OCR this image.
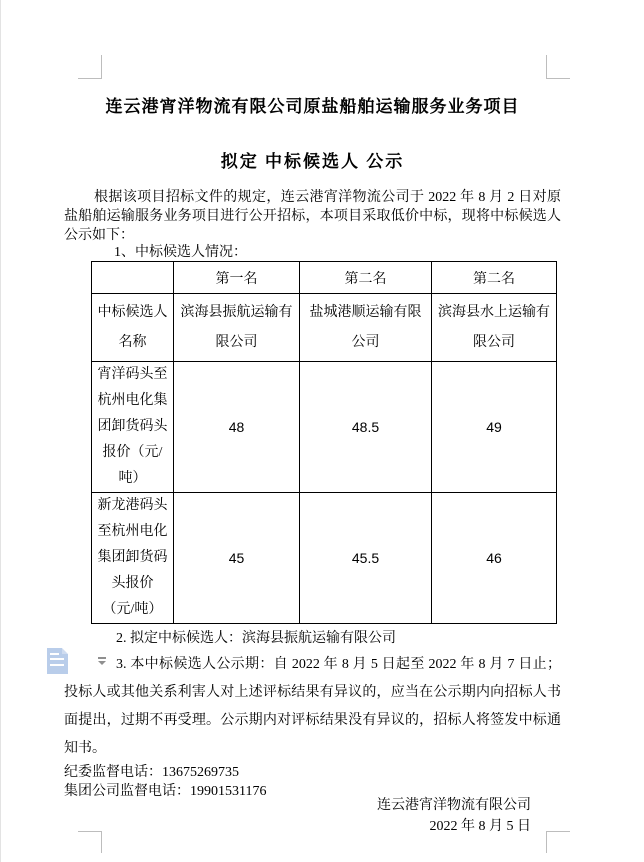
连云港宵洋物流有限公司原盐船舶运输服务业务项目
拟定 中标候选人 公示

根据该项目招标文件的规定，连云港宵洋物流公司于 2022 年 8 月 2 日对原盐船舶运输服务业务项目进行公开招标，本项目采取低价中标，现将中标候选人公示如下：

1、中标候选人情况：

	第一名	第二名	第二名
中标候选人名称	滨海县振航运输有限公司	盐城港顺运输有限公司	滨海县水上运输有限公司
宵洋码头至杭州电化集团卸货码头报价（元/吨）	48	48.5	49
新龙港码头至杭州电化集团卸货码头报价（元/吨）	45	45.5	46

2. 拟定中标候选人：滨海县振航运输有限公司

3. 本中标候选人公示期：自 2022 年 8 月 5 日起至 2022 年 8 月 7 日止；投标人或其他关系利害人对上述评标结果有异议的，应当在公示期内向招标人书面提出，过期不再受理。公示期内对评标结果没有异议的，招标人将签发中标通知书。

纪委监督电话：13675269735

集团公司监督电话：19901531176

连云港宵洋物流有限公司
2022 年 8 月 5 日
